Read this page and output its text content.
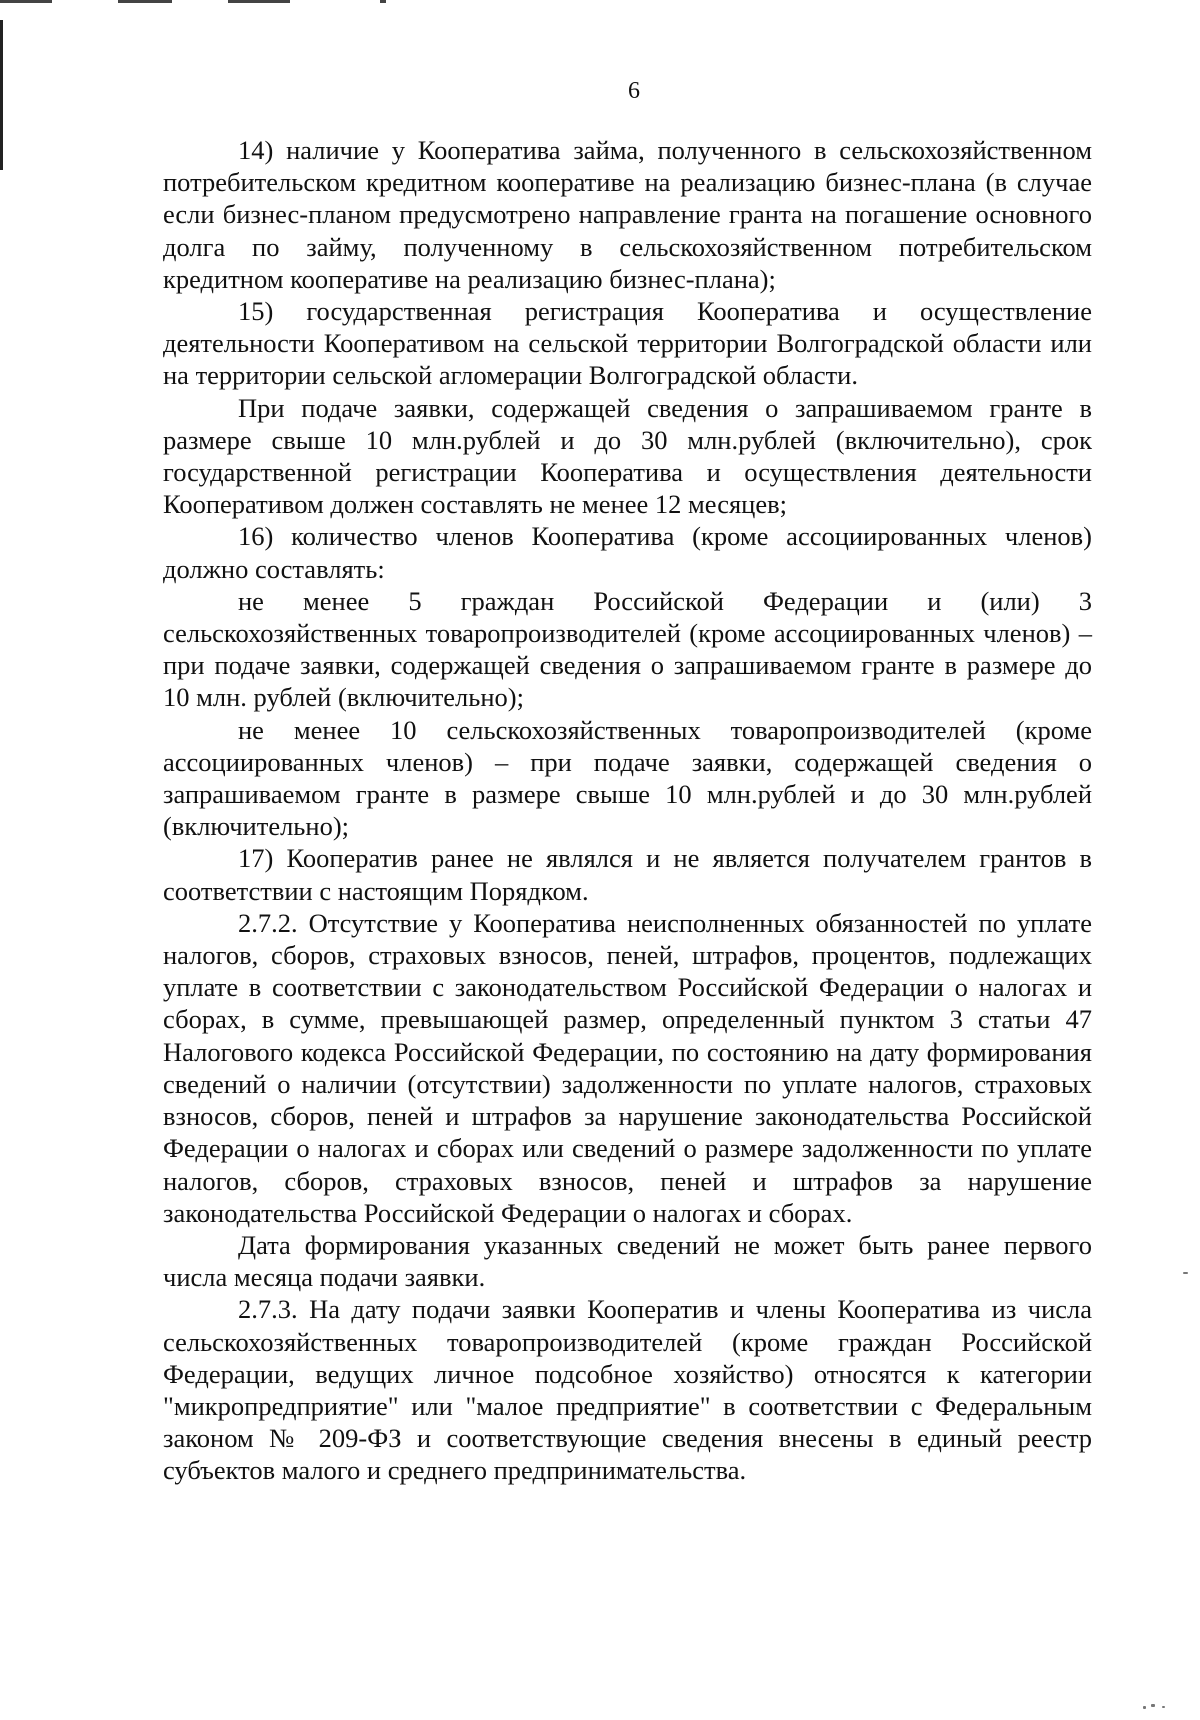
6

14) наличие у Кооператива займа, полученного в сельскохозяйственном потребительском кредитном кооперативе на реализацию бизнес-плана (в случае если бизнес-планом предусмотрено направление гранта на погашение основного долга по займу, полученному в сельскохозяйственном потребительском кредитном кооперативе на реализацию бизнес-плана);

15) государственная регистрация Кооператива и осуществление деятельности Кооперативом на сельской территории Волгоградской области или на территории сельской агломерации Волгоградской области.

При подаче заявки, содержащей сведения о запрашиваемом гранте в размере свыше 10 млн.рублей и до 30 млн.рублей (включительно), срок государственной регистрации Кооператива и осуществления деятельности Кооперативом должен составлять не менее 12 месяцев;

16) количество членов Кооператива (кроме ассоциированных членов) должно составлять:

не менее 5 граждан Российской Федерации и (или) 3 сельскохозяйственных товаропроизводителей (кроме ассоциированных членов) – при подаче заявки, содержащей сведения о запрашиваемом гранте в размере до 10 млн. рублей (включительно);

не менее 10 сельскохозяйственных товаропроизводителей (кроме ассоциированных членов) – при подаче заявки, содержащей сведения о запрашиваемом гранте в размере свыше 10 млн.рублей и до 30 млн.рублей (включительно);

17) Кооператив ранее не являлся и не является получателем грантов в соответствии с настоящим Порядком.

2.7.2. Отсутствие у Кооператива неисполненных обязанностей по уплате налогов, сборов, страховых взносов, пеней, штрафов, процентов, подлежащих уплате в соответствии с законодательством Российской Федерации о налогах и сборах, в сумме, превышающей размер, определенный пунктом 3 статьи 47 Налогового кодекса Российской Федерации, по состоянию на дату формирования сведений о наличии (отсутствии) задолженности по уплате налогов, страховых взносов, сборов, пеней и штрафов за нарушение законодательства Российской Федерации о налогах и сборах или сведений о размере задолженности по уплате налогов, сборов, страховых взносов, пеней и штрафов за нарушение законодательства Российской Федерации о налогах и сборах.

Дата формирования указанных сведений не может быть ранее первого числа месяца подачи заявки.

2.7.3. На дату подачи заявки Кооператив и члены Кооператива из числа сельскохозяйственных товаропроизводителей (кроме граждан Российской Федерации, ведущих личное подсобное хозяйство) относятся к категории "микропредприятие" или "малое предприятие" в соответствии с Федеральным законом № 209-ФЗ и соответствующие сведения внесены в единый реестр субъектов малого и среднего предпринимательства.
